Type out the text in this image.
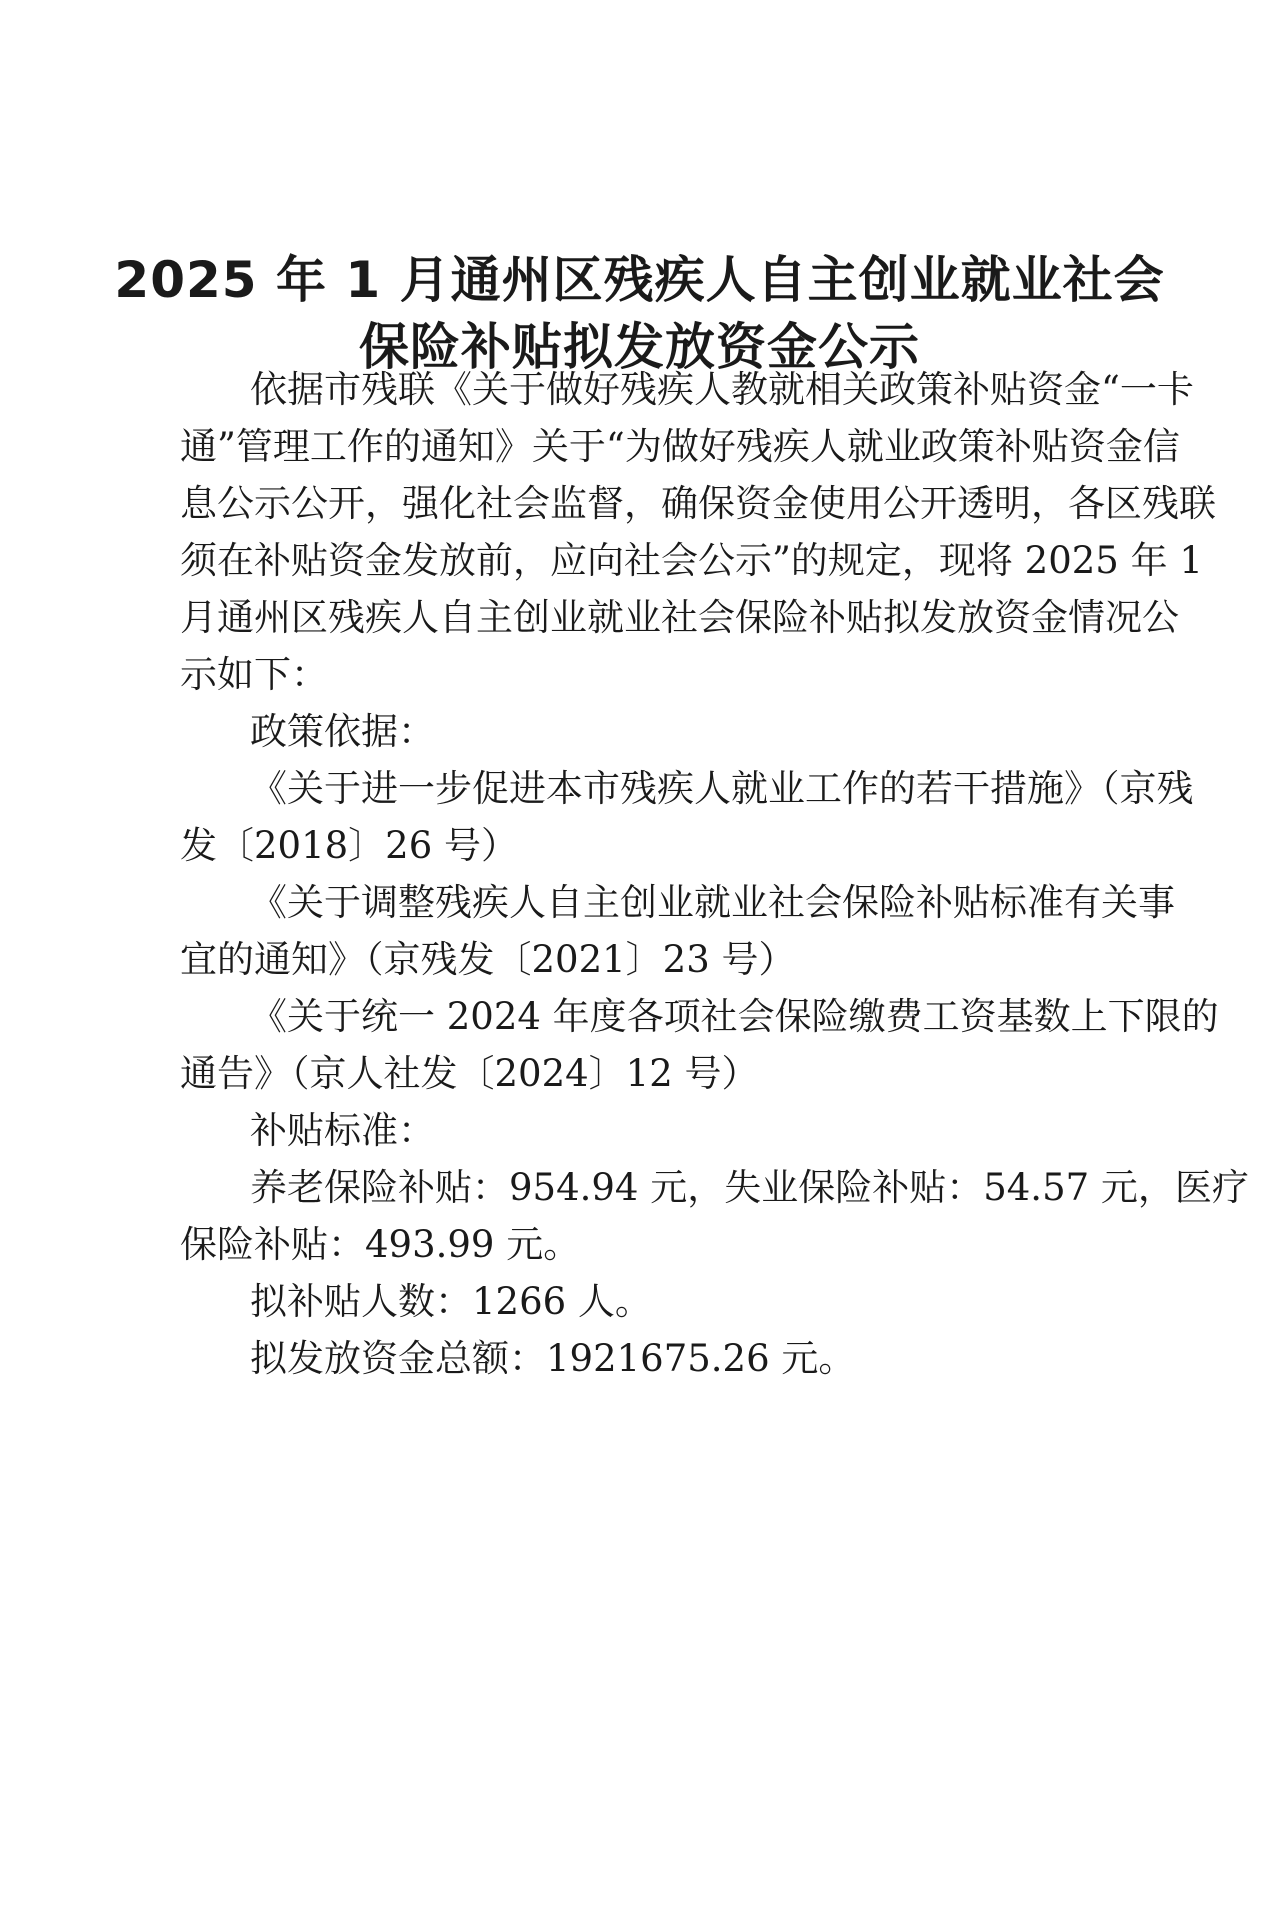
2025 年 1 月通州区残疾人自主创业就业社会
保险补贴拟发放资金公示

依据市残联《关于做好残疾人教就相关政策补贴资金“一卡

通”管理工作的通知》关于“为做好残疾人就业政策补贴资金信

息公示公开，强化社会监督，确保资金使用公开透明，各区残联

须在补贴资金发放前，应向社会公示”的规定，现将 2025 年 1

月通州区残疾人自主创业就业社会保险补贴拟发放资金情况公

示如下：

政策依据：

《关于进一步促进本市残疾人就业工作的若干措施》（京残

发〔2018〕26 号）

《关于调整残疾人自主创业就业社会保险补贴标准有关事

宜的通知》（京残发〔2021〕23 号）

《关于统一 2024 年度各项社会保险缴费工资基数上下限的

通告》（京人社发〔2024〕12 号）

补贴标准：

养老保险补贴：954.94 元，失业保险补贴：54.57 元，医疗

保险补贴：493.99 元。

拟补贴人数：1266 人。

拟发放资金总额：1921675.26 元。
